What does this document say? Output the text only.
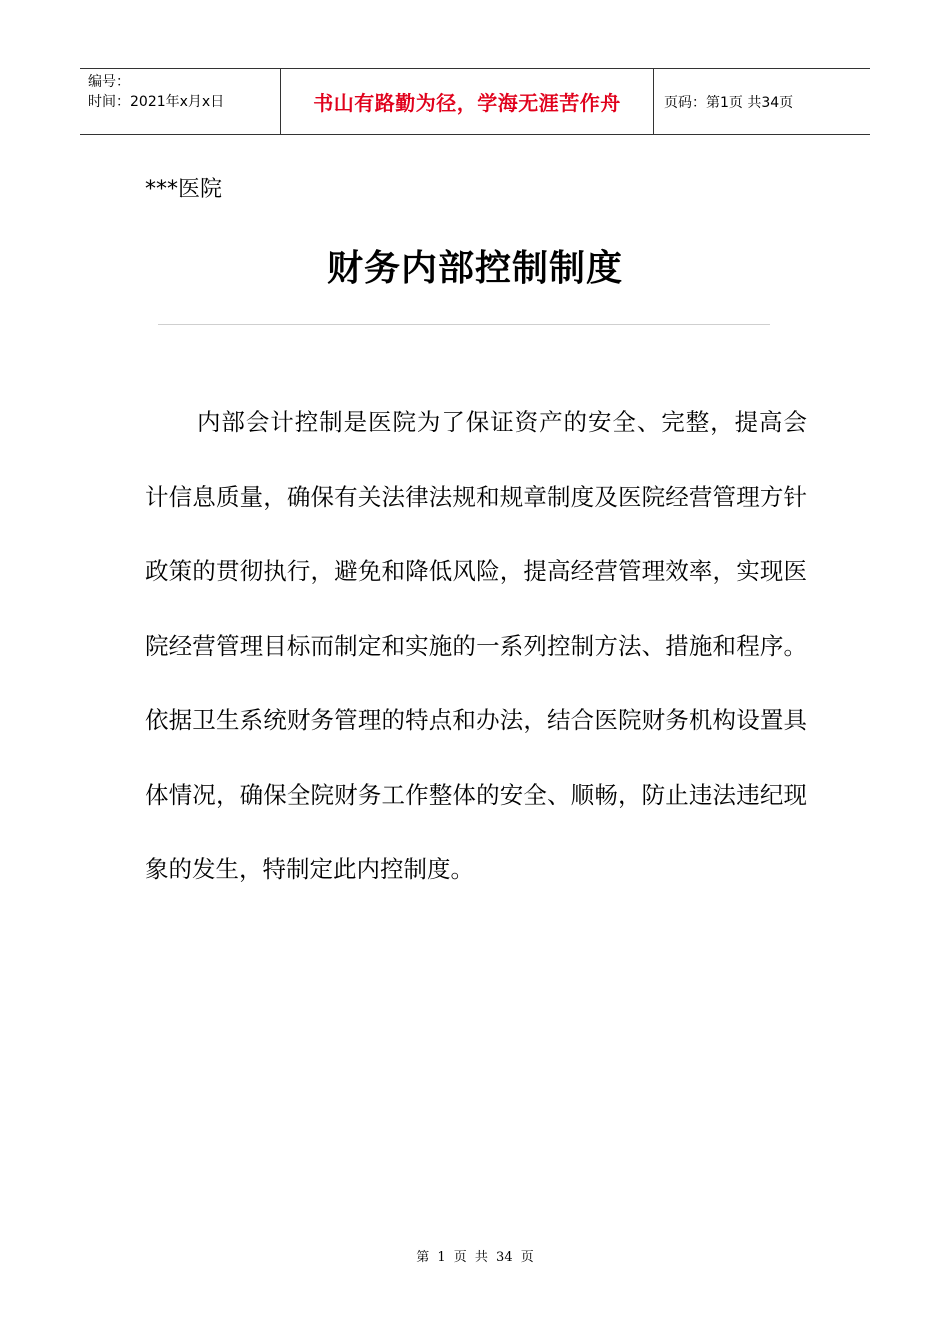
编号：
时间：2021年x月x日	书山有路勤为径，学海无涯苦作舟	页码：第1页 共34页
***医院
财务内部控制制度

内部会计控制是医院为了保证资产的安全、完整，提高会计信息质量，确保有关法律法规和规章制度及医院经营管理方针政策的贯彻执行，避免和降低风险，提高经营管理效率，实现医院经营管理目标而制定和实施的一系列控制方法、措施和程序。依据卫生系统财务管理的特点和办法，结合医院财务机构设置具体情况，确保全院财务工作整体的安全、顺畅，防止违法违纪现象的发生，特制定此内控制度。

第 1 页 共 34 页
